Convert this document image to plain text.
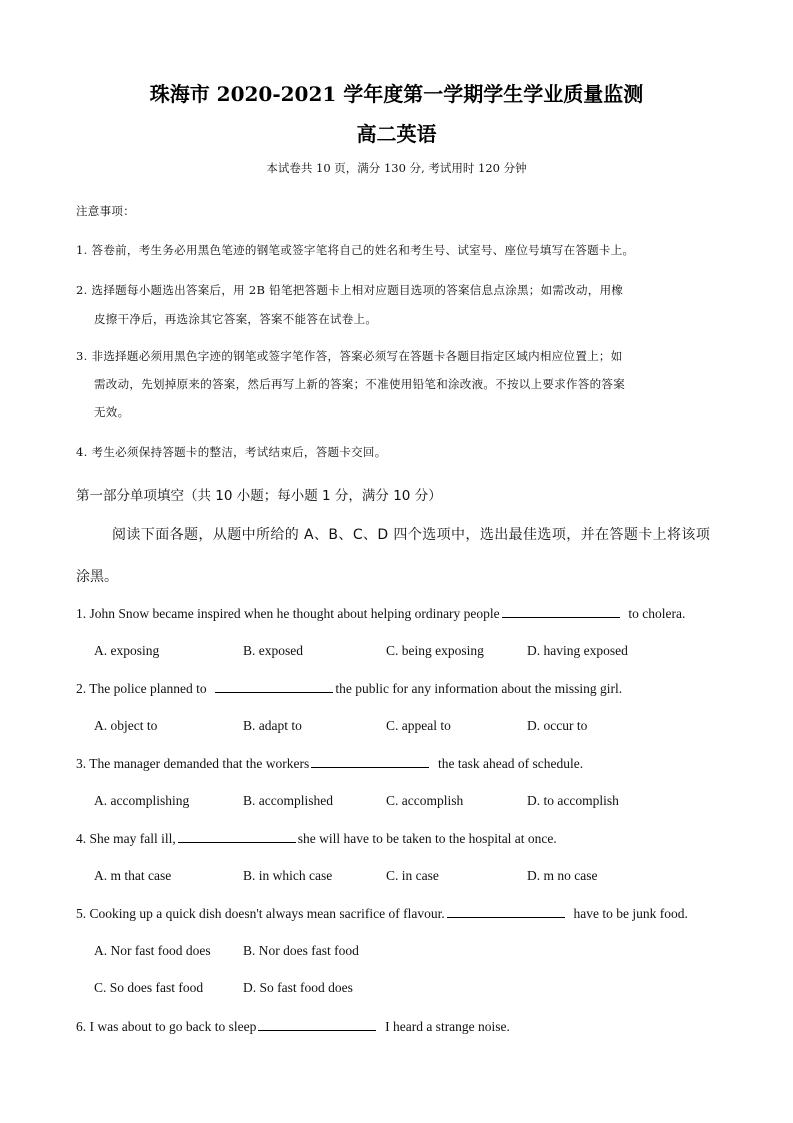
珠海市 2020-2021 学年度第一学期学生学业质量监测
高二英语
本试卷共 10 页，满分 130 分, 考试用时 120 分钟
注意事项：
1. 答卷前，考生务必用黑色笔迹的钢笔或签字笔将自己的姓名和考生号、试室号、座位号填写在答题卡上。
2. 选择题每小题选出答案后，用 2B 铅笔把答题卡上相对应题目选项的答案信息点涂黑；如需改动，用橡
皮擦干净后，再选涂其它答案，答案不能答在试卷上。
3. 非选择题必须用黑色字迹的钢笔或签字笔作答，答案必须写在答题卡各题目指定区域内相应位置上；如
需改动，先划掉原来的答案，然后再写上新的答案；不准使用铅笔和涂改液。不按以上要求作答的答案
无效。
4. 考生必须保持答题卡的整洁，考试结束后，答题卡交回。
第一部分单项填空（共 10 小题；每小题 1 分，满分 10 分）
阅读下面各题，从题中所给的 A、B、C、D 四个选项中，选出最佳选项，并在答题卡上将该项
涂黑。
1. John Snow became inspired when he thought about helping ordinary people	to cholera.
A. exposing	B. exposed	C. being exposing	D. having exposed
2. The police planned to	the public for any information about the missing girl.
A. object to	B. adapt to	C. appeal to	D. occur to
3. The manager demanded that the workers	the task ahead of schedule.
A. accomplishing	B. accomplished	C. accomplish	D. to accomplish
4. She may fall ill,	she will have to be taken to the hospital at once.
A. m that case	B. in which case	C. in case	D. m no case
5. Cooking up a quick dish doesn't always mean sacrifice of flavour.	have to be junk food.
A. Nor fast food does B. Nor does fast food
C. So does fast food	D. So fast food does
6. I was about to go back to sleep	I heard a strange noise.
